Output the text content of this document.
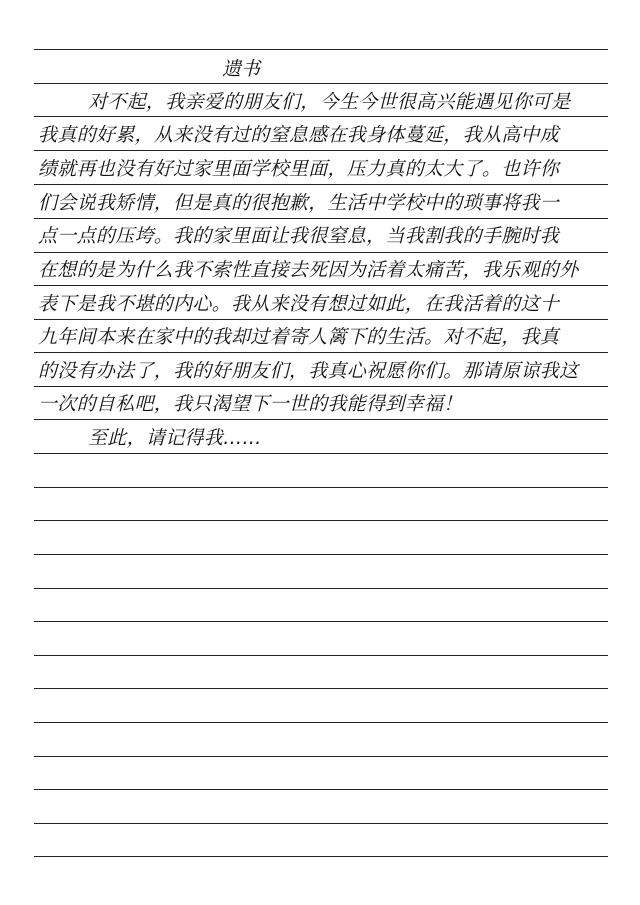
遗书
对不起，我亲爱的朋友们，今生今世很高兴能遇见你可是
我真的好累，从来没有过的窒息感在我身体蔓延，我从高中成
绩就再也没有好过家里面学校里面，压力真的太大了。也许你
们会说我矫情，但是真的很抱歉，生活中学校中的琐事将我一
点一点的压垮。我的家里面让我很窒息，当我割我的手腕时我
在想的是为什么我不索性直接去死因为活着太痛苦，我乐观的外
表下是我不堪的内心。我从来没有想过如此，在我活着的这十
九年间本来在家中的我却过着寄人篱下的生活。对不起，我真
的没有办法了，我的好朋友们，我真心祝愿你们。那请原谅我这
一次的自私吧，我只渴望下一世的我能得到幸福！
至此，请记得我……
